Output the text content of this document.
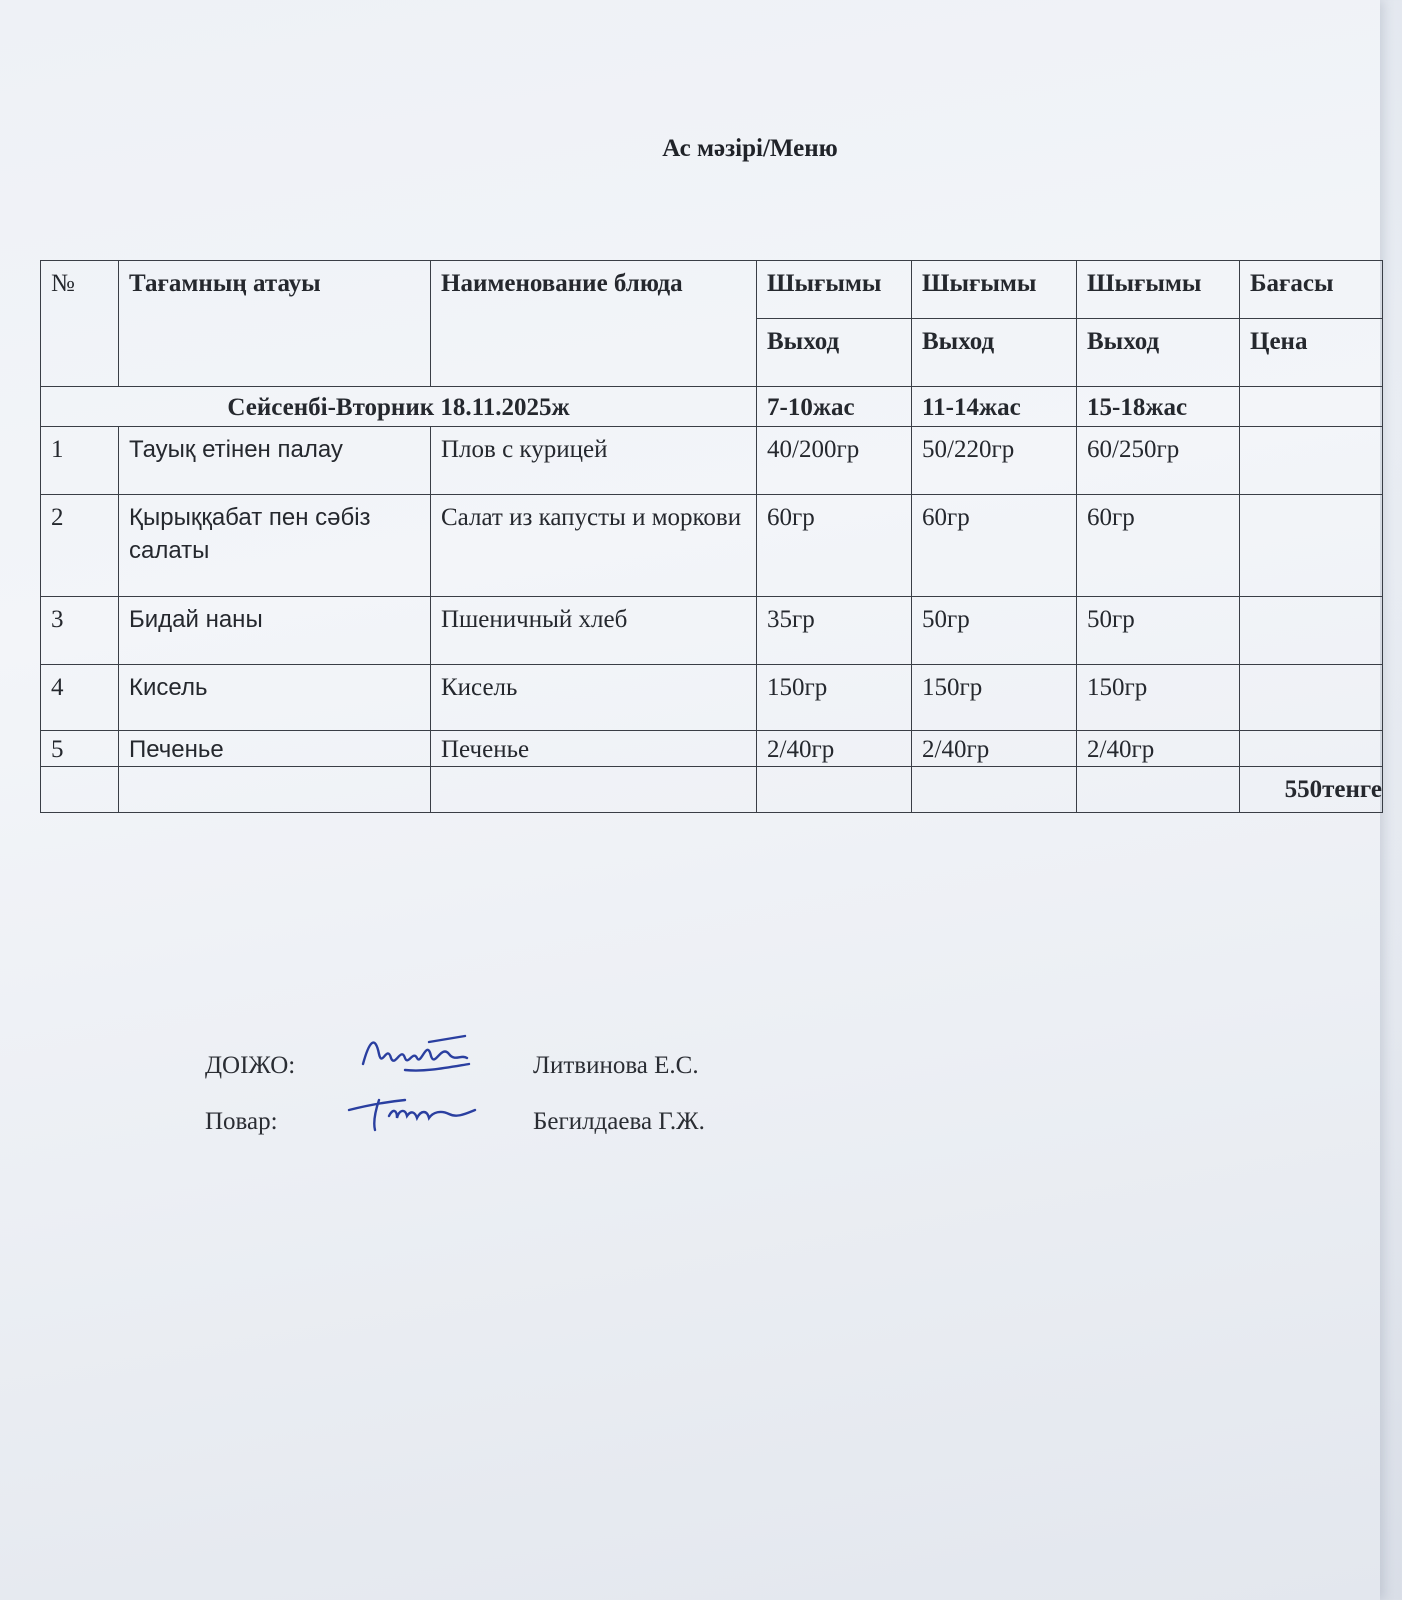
Ас мәзірі/Меню
№	Тағамның атауы	Наименование блюда	Шығымы	Шығымы	Шығымы	Бағасы
			Выход	Выход	Выход	Цена
Сейсенбі-Вторник 18.11.2025ж			7-10жас	11-14жас	15-18жас	
1	Тауық етінен палау	Плов с курицей	40/200гр	50/220гр	60/250гр	
2	Қырыққабат пен сәбіз салаты	Салат из капусты и моркови	60гр	60гр	60гр	
3	Бидай наны	Пшеничный хлеб	35гр	50гр	50гр	
4	Кисель	Кисель	150гр	150гр	150гр	
5	Печенье	Печенье	2/40гр	2/40гр	2/40гр	
						550тенге
ДОІЖО:	Литвинова Е.С.
Повар:	Бегилдаева Г.Ж.
